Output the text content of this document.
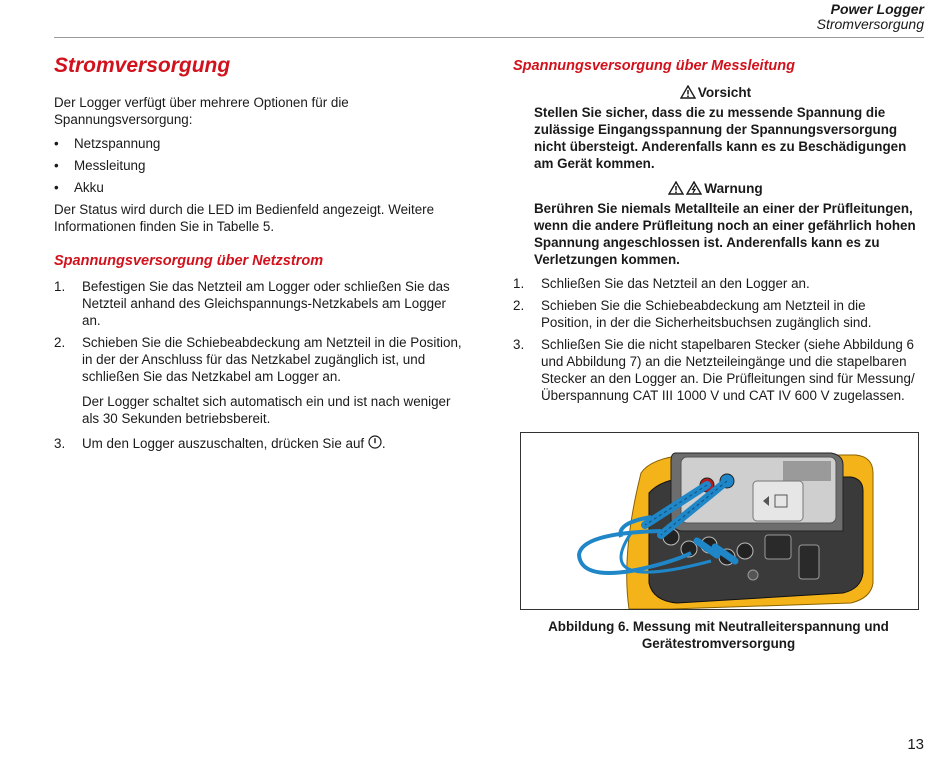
Power Logger
Stromversorgung
Stromversorgung

Der Logger verfügt über mehrere Optionen für die Spannungsversorgung:

• Netzspannung
• Messleitung
• Akku

Der Status wird durch die LED im Bedienfeld angezeigt. Weitere Informationen finden Sie in Tabelle 5.

Spannungsversorgung über Netzstrom
1. Befestigen Sie das Netzteil am Logger oder schließen Sie das Netzteil anhand des Gleichspannungs-Netzkabels am Logger an.
2. Schieben Sie die Schiebeabdeckung am Netzteil in die Position, in der der Anschluss für das Netzkabel zugänglich ist, und schließen Sie das Netzkabel am Logger an.
Der Logger schaltet sich automatisch ein und ist nach weniger als 30 Sekunden betriebsbereit.
3. Um den Logger auszuschalten, drücken Sie auf .
Spannungsversorgung über Messleitung
Vorsicht
Stellen Sie sicher, dass die zu messende Spannung die zulässige Eingangsspannung der Spannungsversorgung nicht übersteigt. Anderenfalls kann es zu Beschädigungen am Gerät kommen.
Warnung
Berühren Sie niemals Metallteile an einer der Prüfleitungen, wenn die andere Prüfleitung noch an einer gefährlich hohen Spannung angeschlossen ist. Anderenfalls kann es zu Verletzungen kommen.
1. Schließen Sie das Netzteil an den Logger an.
2. Schieben Sie die Schiebeabdeckung am Netzteil in die Position, in der die Sicherheitsbuchsen zugänglich sind.
3. Schließen Sie die nicht stapelbaren Stecker (siehe Abbildung 6 und Abbildung 7) an die Netzteileingänge und die stapelbaren Stecker an den Logger an. Die Prüfleitungen sind für Messung/ Überspannung CAT III 1000 V und CAT IV 600 V zugelassen.
Abbildung 6. Messung mit Neutralleiterspannung und Gerätestromversorgung
13
